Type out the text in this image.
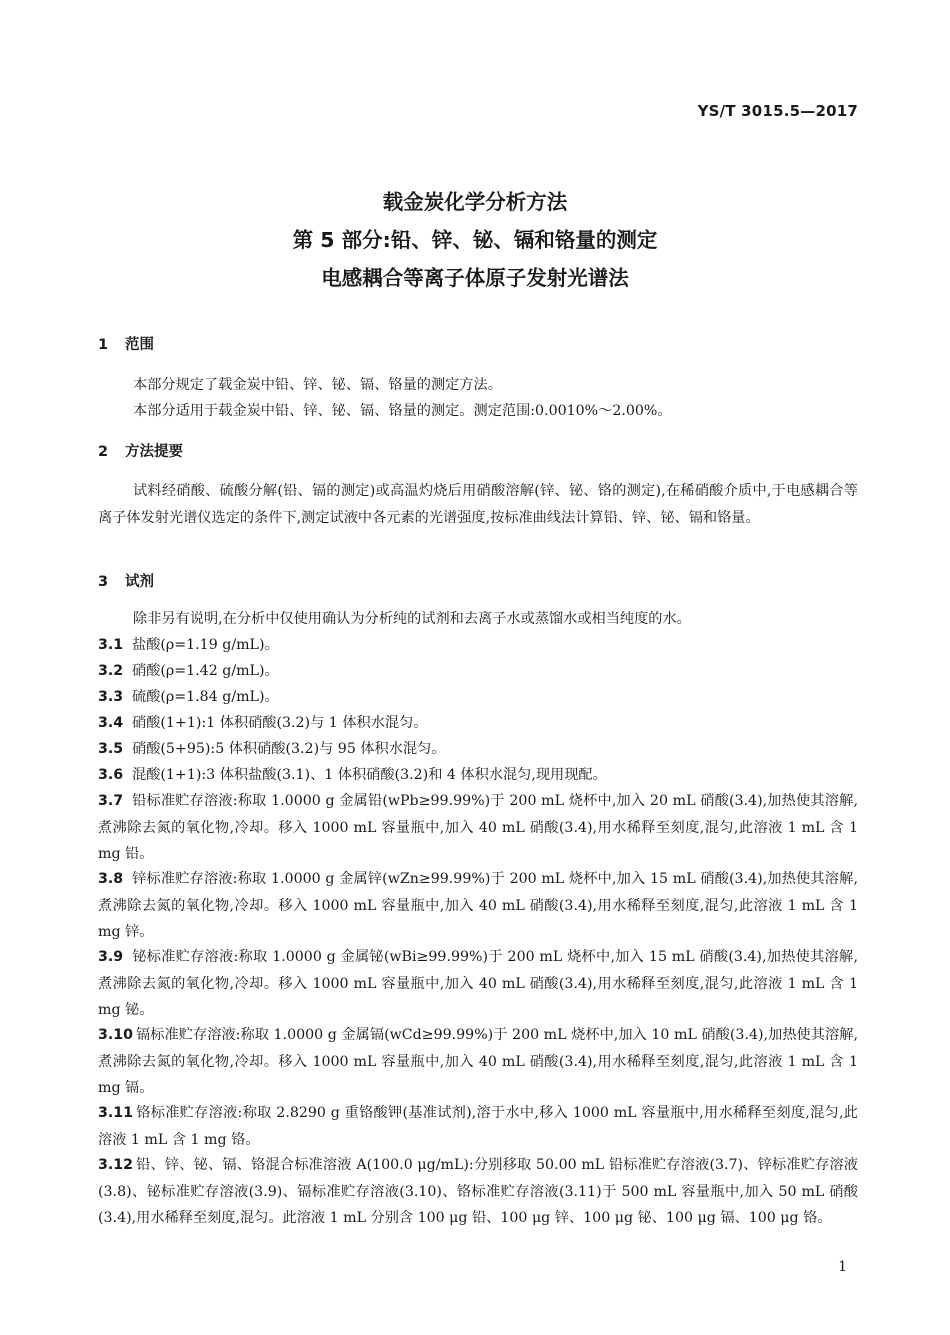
YS/T 3015.5—2017
载金炭化学分析方法
第 5 部分:铅、锌、铋、镉和铬量的测定
电感耦合等离子体原子发射光谱法
1 范围
本部分规定了载金炭中铅、锌、铋、镉、铬量的测定方法。
本部分适用于载金炭中铅、锌、铋、镉、铬量的测定。测定范围:0.0010%～2.00%。
2 方法提要
试料经硝酸、硫酸分解(铅、镉的测定)或高温灼烧后用硝酸溶解(锌、铋、铬的测定),在稀硝酸介质中,于电感耦合等离子体发射光谱仪选定的条件下,测定试液中各元素的光谱强度,按标准曲线法计算铅、锌、铋、镉和铬量。
3 试剂
除非另有说明,在分析中仅使用确认为分析纯的试剂和去离子水或蒸馏水或相当纯度的水。
3.1 盐酸(ρ=1.19 g/mL)。
3.2 硝酸(ρ=1.42 g/mL)。
3.3 硫酸(ρ=1.84 g/mL)。
3.4 硝酸(1+1):1 体积硝酸(3.2)与 1 体积水混匀。
3.5 硝酸(5+95):5 体积硝酸(3.2)与 95 体积水混匀。
3.6 混酸(1+1):3 体积盐酸(3.1)、1 体积硝酸(3.2)和 4 体积水混匀,现用现配。
3.7 铅标准贮存溶液:称取 1.0000 g 金属铅(wPb≥99.99%)于 200 mL 烧杯中,加入 20 mL 硝酸(3.4),加热使其溶解,煮沸除去氮的氧化物,冷却。移入 1000 mL 容量瓶中,加入 40 mL 硝酸(3.4),用水稀释至刻度,混匀,此溶液 1 mL 含 1 mg 铅。
3.8 锌标准贮存溶液:称取 1.0000 g 金属锌(wZn≥99.99%)于 200 mL 烧杯中,加入 15 mL 硝酸(3.4),加热使其溶解,煮沸除去氮的氧化物,冷却。移入 1000 mL 容量瓶中,加入 40 mL 硝酸(3.4),用水稀释至刻度,混匀,此溶液 1 mL 含 1 mg 锌。
3.9 铋标准贮存溶液:称取 1.0000 g 金属铋(wBi≥99.99%)于 200 mL 烧杯中,加入 15 mL 硝酸(3.4),加热使其溶解,煮沸除去氮的氧化物,冷却。移入 1000 mL 容量瓶中,加入 40 mL 硝酸(3.4),用水稀释至刻度,混匀,此溶液 1 mL 含 1 mg 铋。
3.10 镉标准贮存溶液:称取 1.0000 g 金属镉(wCd≥99.99%)于 200 mL 烧杯中,加入 10 mL 硝酸(3.4),加热使其溶解,煮沸除去氮的氧化物,冷却。移入 1000 mL 容量瓶中,加入 40 mL 硝酸(3.4),用水稀释至刻度,混匀,此溶液 1 mL 含 1 mg 镉。
3.11 铬标准贮存溶液:称取 2.8290 g 重铬酸钾(基准试剂),溶于水中,移入 1000 mL 容量瓶中,用水稀释至刻度,混匀,此溶液 1 mL 含 1 mg 铬。
3.12 铅、锌、铋、镉、铬混合标准溶液 A(100.0 μg/mL):分别移取 50.00 mL 铅标准贮存溶液(3.7)、锌标准贮存溶液(3.8)、铋标准贮存溶液(3.9)、镉标准贮存溶液(3.10)、铬标准贮存溶液(3.11)于 500 mL 容量瓶中,加入 50 mL 硝酸(3.4),用水稀释至刻度,混匀。此溶液 1 mL 分别含 100 μg 铅、100 μg 锌、100 μg 铋、100 μg 镉、100 μg 铬。
1
